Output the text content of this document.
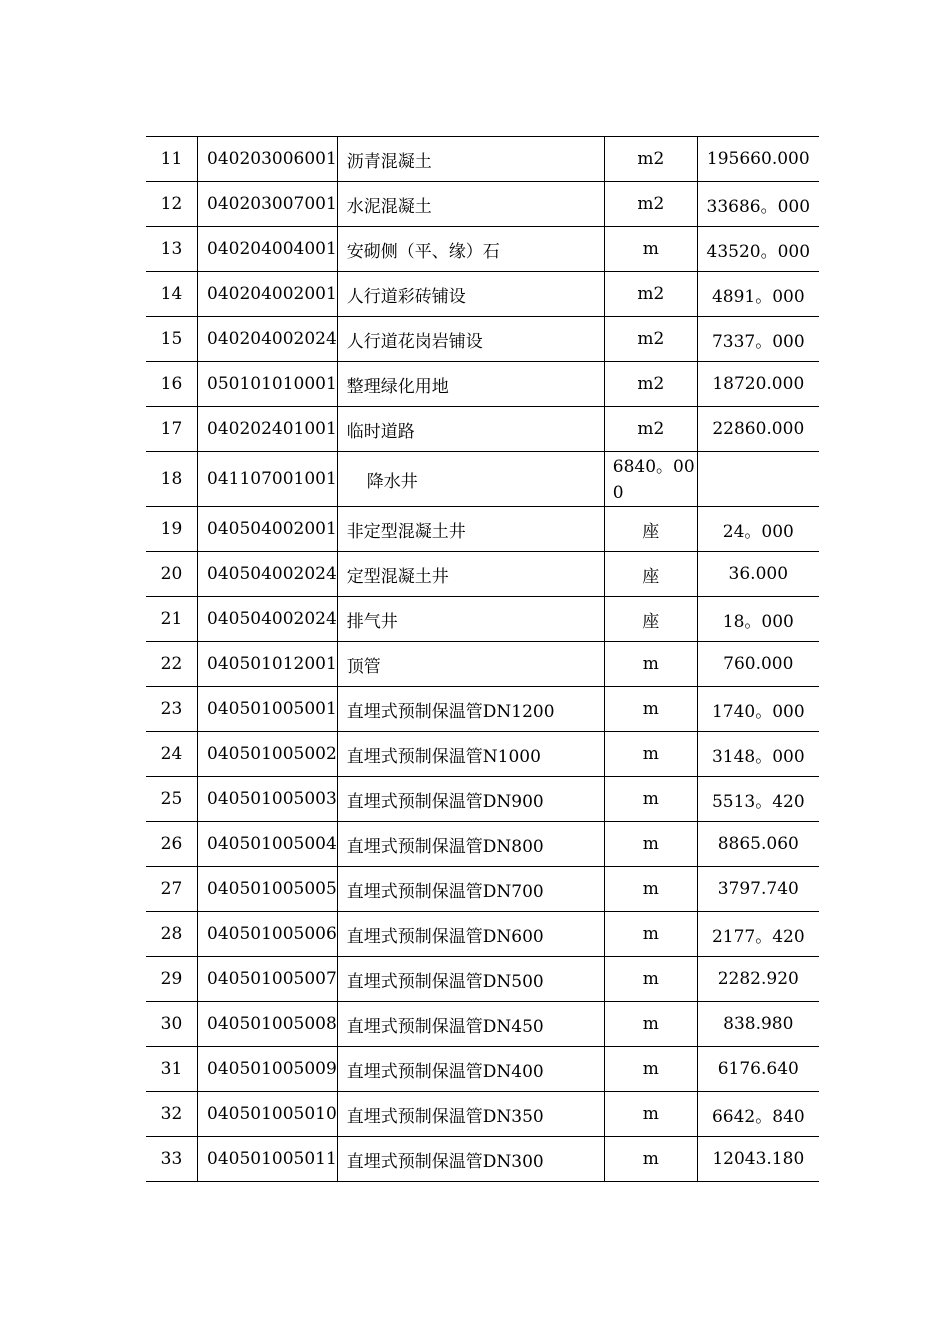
11	040203006001	沥青混凝土	m2	195660.000
12	040203007001	水泥混凝土	m2	33686。000
13	040204004001	安砌侧（平、缘）石	m	43520。000
14	040204002001	人行道彩砖铺设	m2	4891。000
15	040204002024	人行道花岗岩铺设	m2	7337。000
16	050101010001	整理绿化用地	m2	18720.000
17	040202401001	临时道路	m2	22860.000
18	041107001001	降水井	6840。000	
19	040504002001	非定型混凝土井	座	24。000
20	040504002024	定型混凝土井	座	36.000
21	040504002024	排气井	座	18。000
22	040501012001	顶管	m	760.000
23	040501005001	直埋式预制保温管DN1200	m	1740。000
24	040501005002	直埋式预制保温管N1000	m	3148。000
25	040501005003	直埋式预制保温管DN900	m	5513。420
26	040501005004	直埋式预制保温管DN800	m	8865.060
27	040501005005	直埋式预制保温管DN700	m	3797.740
28	040501005006	直埋式预制保温管DN600	m	2177。420
29	040501005007	直埋式预制保温管DN500	m	2282.920
30	040501005008	直埋式预制保温管DN450	m	838.980
31	040501005009	直埋式预制保温管DN400	m	6176.640
32	040501005010	直埋式预制保温管DN350	m	6642。840
33	040501005011	直埋式预制保温管DN300	m	12043.180
